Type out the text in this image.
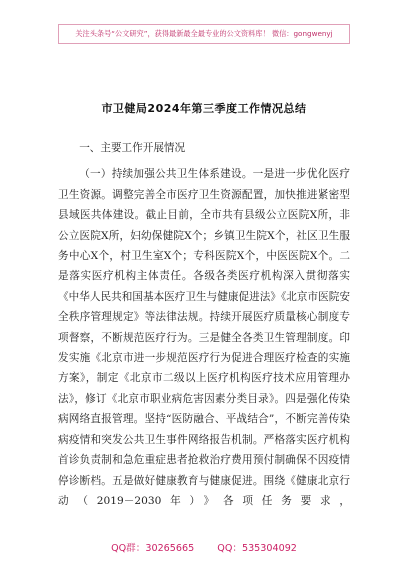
关注头条号“公文研究”，获得最新最全最专业的公文资料库！ 微信：gongwenyj
市卫健局2024年第三季度工作情况总结

一、主要工作开展情况

（一）持续加强公共卫生体系建设。一是进一步优化医疗卫生资源。调整完善全市医疗卫生资源配置，加快推进紧密型县域医共体建设。截止目前，全市共有县级公立医院X所，非公立医院X所，妇幼保健院X个；乡镇卫生院X个，社区卫生服务中心X个，村卫生室X个；专科医院X个，中医医院X个。二是落实医疗机构主体责任。各级各类医疗机构深入贯彻落实《中华人民共和国基本医疗卫生与健康促进法》《北京市医院安全秩序管理规定》等法律法规。持续开展医疗质量核心制度专项督察，不断规范医疗行为。三是健全各类卫生管理制度。印发实施《北京市进一步规范医疗行为促进合理医疗检查的实施方案》，制定《北京市二级以上医疗机构医疗技术应用管理办法》，修订《北京市职业病危害因素分类目录》。四是强化传染病网络直报管理。坚持“医防融合、平战结合”，不断完善传染病疫情和突发公共卫生事件网络报告机制。严格落实医疗机构首诊负责制和急危重症患者抢救治疗费用预付制确保不因疫情停诊断档。五是做好健康教育与健康促进。围绕《健康北京行动（2019－2030年）》各项任务要求，

QQ群：30265665 QQ：535304092
